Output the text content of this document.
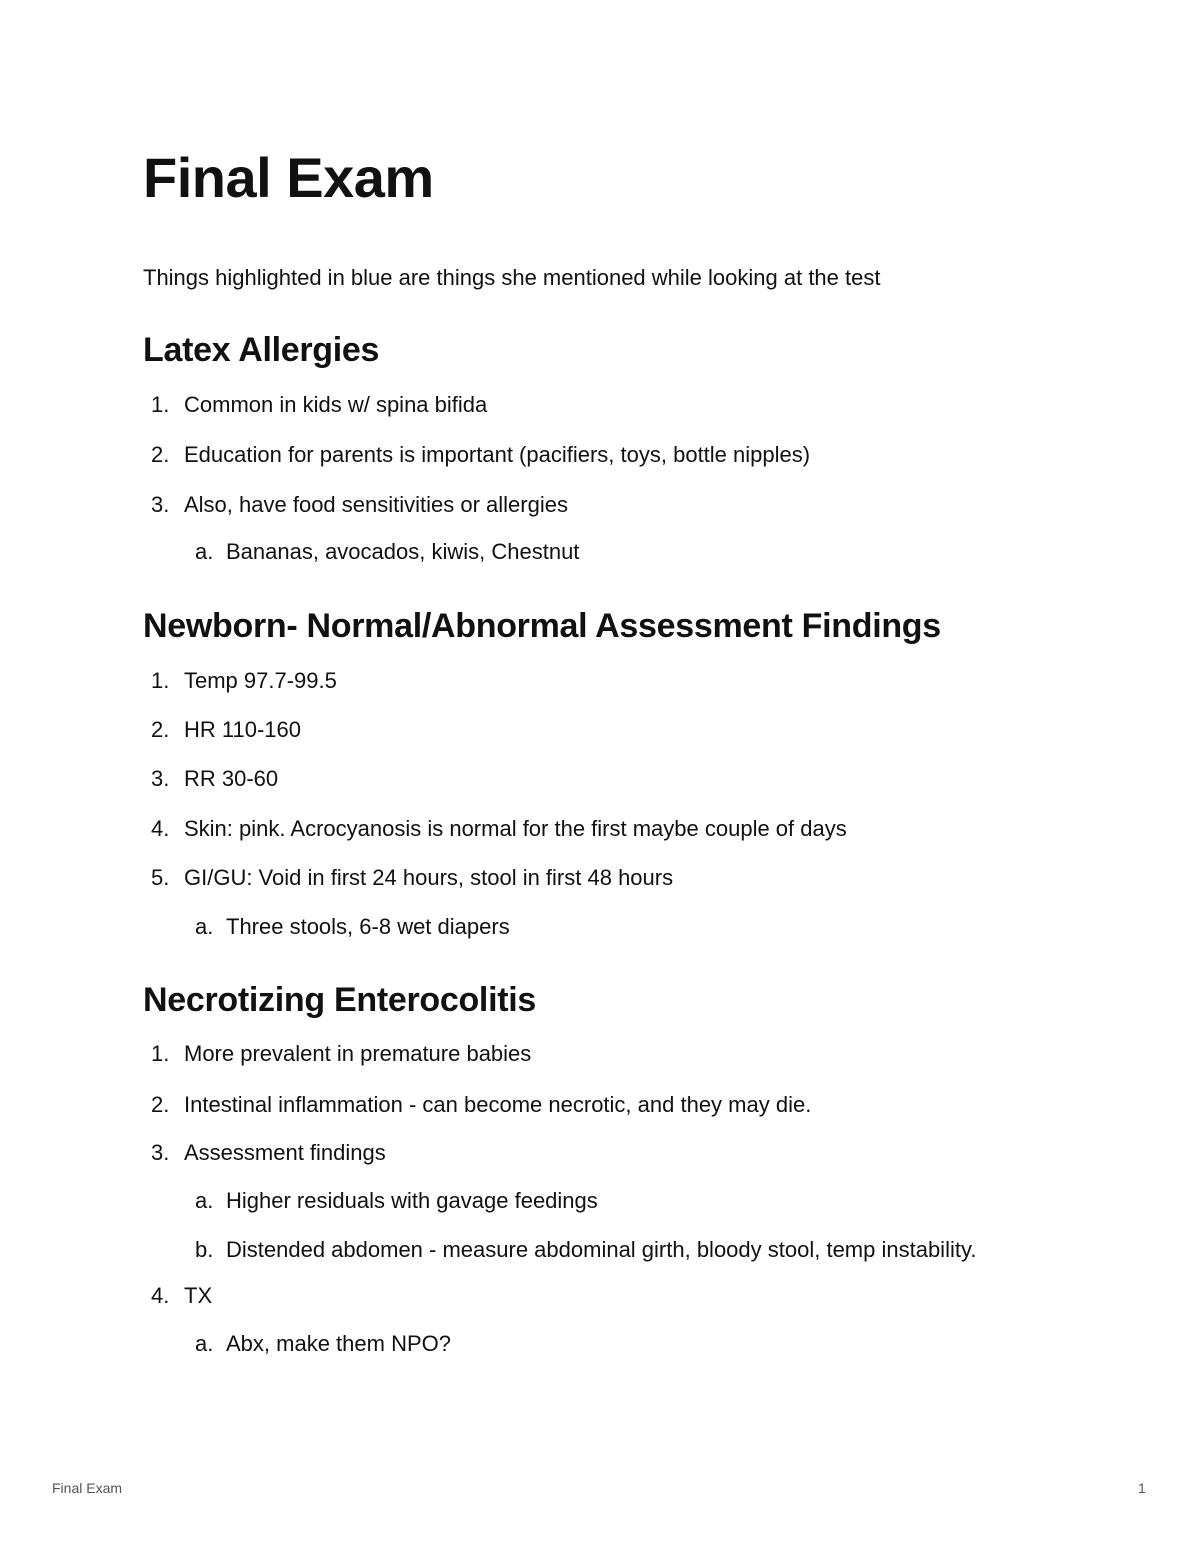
Final Exam

Things highlighted in blue are things she mentioned while looking at the test

Latex Allergies
1. Common in kids w/ spina bifida
2. Education for parents is important (pacifiers, toys, bottle nipples)
3. Also, have food sensitivities or allergies
a. Bananas, avocados, kiwis, Chestnut
Newborn- Normal/Abnormal Assessment Findings
1. Temp 97.7-99.5
2. HR 110-160
3. RR 30-60
4. Skin: pink. Acrocyanosis is normal for the first maybe couple of days
5. GI/GU: Void in first 24 hours, stool in first 48 hours
a. Three stools, 6-8 wet diapers
Necrotizing Enterocolitis
1. More prevalent in premature babies
2. Intestinal inflammation - can become necrotic, and they may die.
3. Assessment findings
a. Higher residuals with gavage feedings
b. Distended abdomen - measure abdominal girth, bloody stool, temp instability.
4. TX
a. Abx, make them NPO?
Final Exam	1
